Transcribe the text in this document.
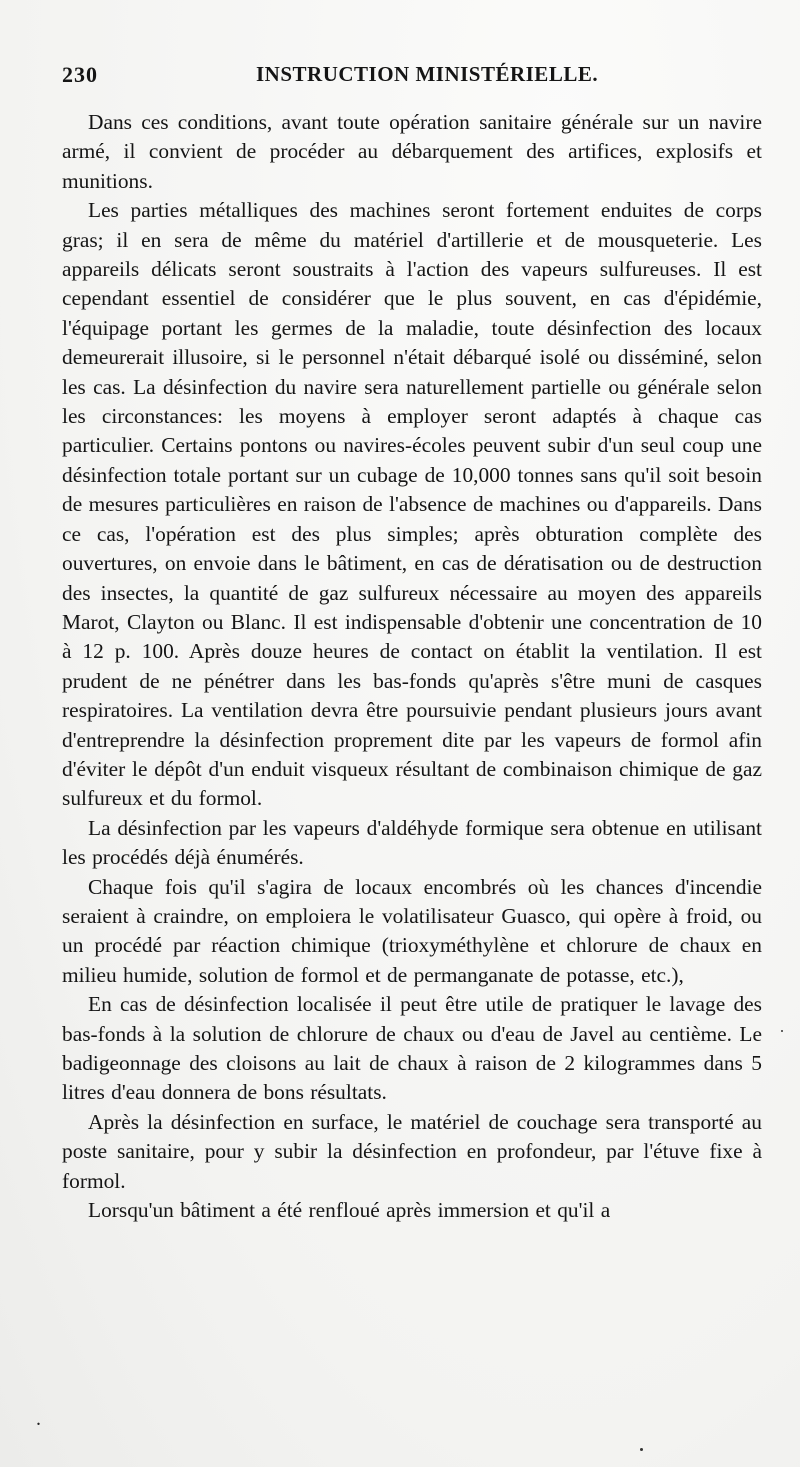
230	INSTRUCTION MINISTÉRIELLE.

Dans ces conditions, avant toute opération sanitaire générale sur un navire armé, il convient de procéder au débarquement des artifices, explosifs et munitions.

Les parties métalliques des machines seront fortement enduites de corps gras; il en sera de même du matériel d'artillerie et de mousqueterie. Les appareils délicats seront soustraits à l'action des vapeurs sulfureuses. Il est cependant essentiel de considérer que le plus souvent, en cas d'épidémie, l'équipage portant les germes de la maladie, toute désinfection des locaux demeurerait illusoire, si le personnel n'était débarqué isolé ou disséminé, selon les cas. La désinfection du navire sera naturellement partielle ou générale selon les circonstances: les moyens à employer seront adaptés à chaque cas particulier. Certains pontons ou navires-écoles peuvent subir d'un seul coup une désinfection totale portant sur un cubage de 10,000 tonnes sans qu'il soit besoin de mesures particulières en raison de l'absence de machines ou d'appareils. Dans ce cas, l'opération est des plus simples; après obturation complète des ouvertures, on envoie dans le bâtiment, en cas de dératisation ou de destruction des insectes, la quantité de gaz sulfureux nécessaire au moyen des appareils Marot, Clayton ou Blanc. Il est indispensable d'obtenir une concentration de 10 à 12 p. 100. Après douze heures de contact on établit la ventilation. Il est prudent de ne pénétrer dans les bas-fonds qu'après s'être muni de casques respiratoires. La ventilation devra être poursuivie pendant plusieurs jours avant d'entreprendre la désinfection proprement dite par les vapeurs de formol afin d'éviter le dépôt d'un enduit visqueux résultant de combinaison chimique de gaz sulfureux et du formol.

La désinfection par les vapeurs d'aldéhyde formique sera obtenue en utilisant les procédés déjà énumérés.

Chaque fois qu'il s'agira de locaux encombrés où les chances d'incendie seraient à craindre, on emploiera le volatilisateur Guasco, qui opère à froid, ou un procédé par réaction chimique (trioxyméthylène et chlorure de chaux en milieu humide, solution de formol et de permanganate de potasse, etc.),

En cas de désinfection localisée il peut être utile de pratiquer le lavage des bas-fonds à la solution de chlorure de chaux ou d'eau de Javel au centième. Le badigeonnage des cloisons au lait de chaux à raison de 2 kilogrammes dans 5 litres d'eau donnera de bons résultats.

Après la désinfection en surface, le matériel de couchage sera transporté au poste sanitaire, pour y subir la désinfection en profondeur, par l'étuve fixe à formol.

Lorsqu'un bâtiment a été renfloué après immersion et qu'il a

.
